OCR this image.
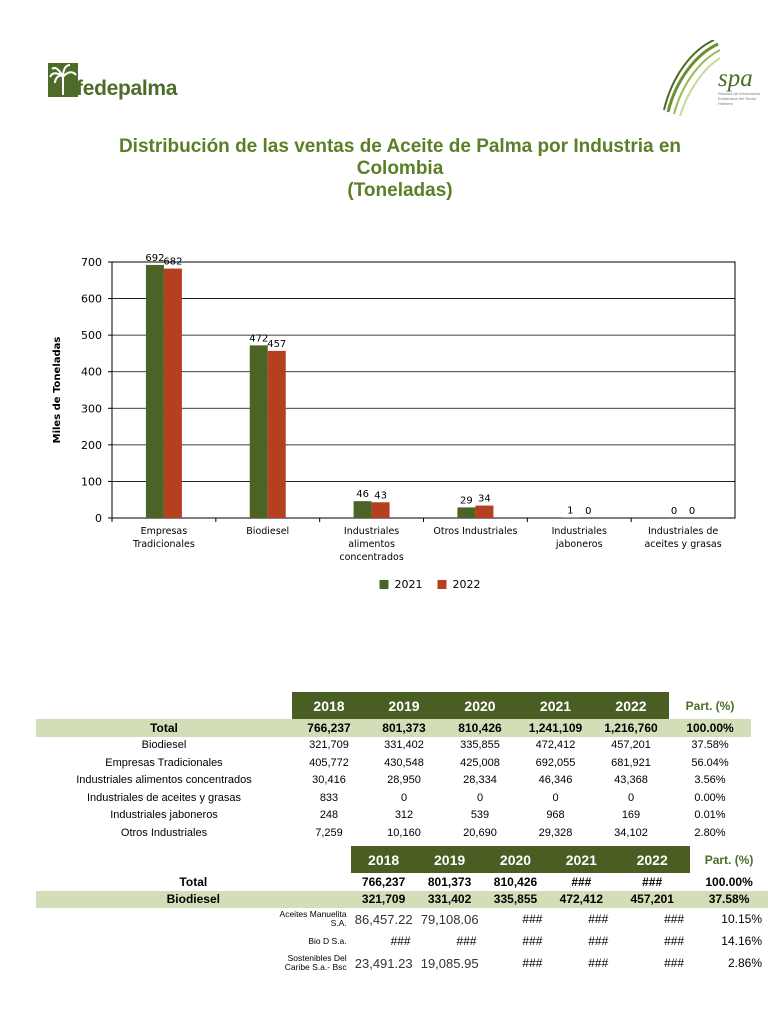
fedepalma	spa
Sistema de Información Estadística del Sector Palmero
Distribución de las ventas de Aceite de Palma por Industria en
Colombia
(Toneladas)
0
100
200
300
400
500
600
700
Miles de Toneladas
692
682
Empresas
Tradicionales
472
457
Biodiesel
46 43
Industriales
alimentos
concentrados
29 34
Otros Industriales
1 0
Industriales
jaboneros
0 0
Industriales de
aceites y grasas
2021	2022
	2018	2019	2020	2021	2022	Part. (%)
Total	766,237	801,373	810,426	1,241,109	1,216,760	100.00%
Biodiesel	321,709	331,402	335,855	472,412	457,201	37.58%
Empresas Tradicionales	405,772	430,548	425,008	692,055	681,921	56.04%
Industriales alimentos concentrados	30,416	28,950	28,334	46,346	43,368	3.56%
Industriales de aceites y grasas	833	0	0	0	0	0.00%
Industriales jaboneros	248	312	539	968	169	0.01%
Otros Industriales	7,259	10,160	20,690	29,328	34,102	2.80%
		2018	2019	2020	2021	2022	Part. (%)
Total		766,237	801,373	810,426	###	###	100.00%
Biodiesel		321,709	331,402	335,855	472,412	457,201	37.58%

	Aceites Manuelita
S.A.	86,457.22	79,108.06	###	###	###	10.15%

	Bio D S.a.	###	###	###	###	###	14.16%

	Sostenibles Del
Caribe S.a.- Bsc	23,491.23	19,085.95	###	###	###	2.86%
